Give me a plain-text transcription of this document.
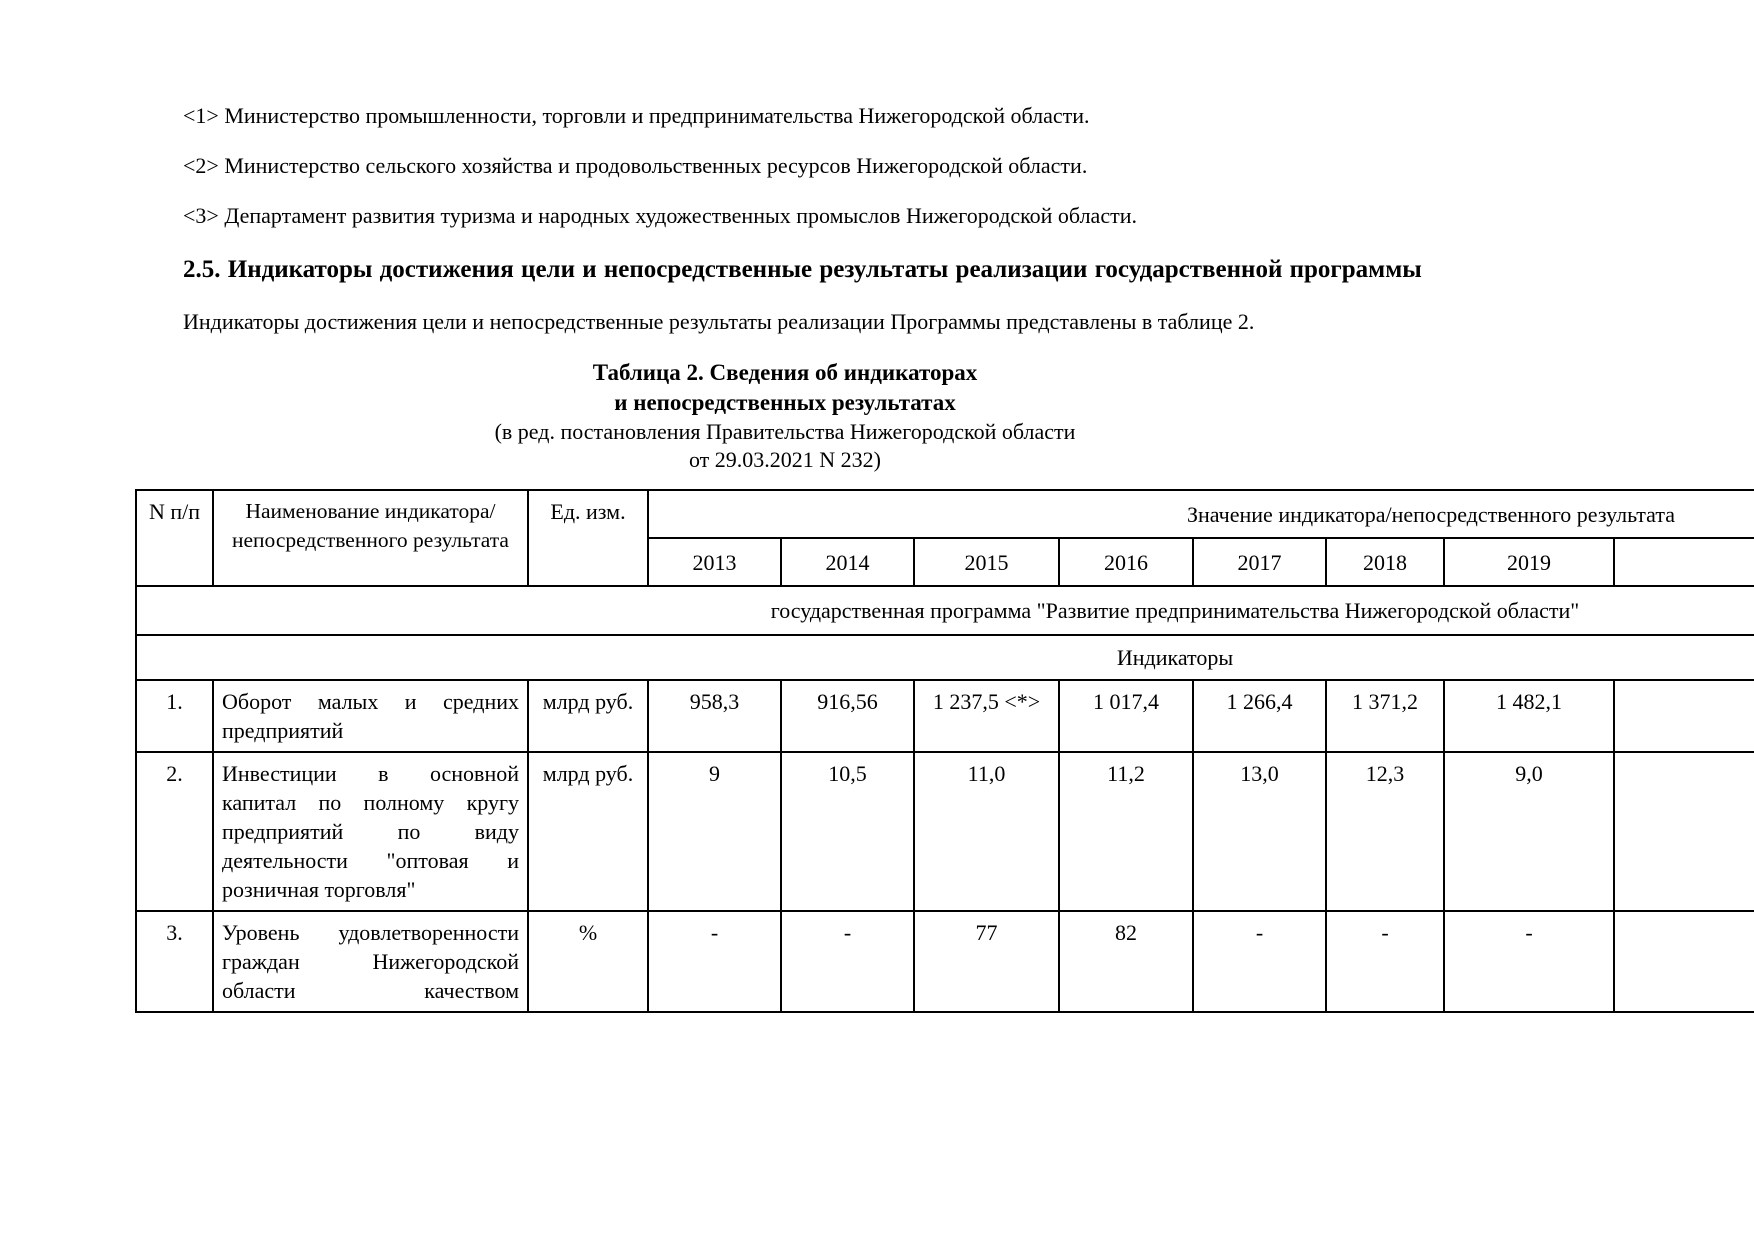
<1> Министерство промышленности, торговли и предпринимательства Нижегородской области.

<2> Министерство сельского хозяйства и продовольственных ресурсов Нижегородской области.

<3> Департамент развития туризма и народных художественных промыслов Нижегородской области.

2.5. Индикаторы достижения цели и непосредственные результаты реализации государственной программы

Индикаторы достижения цели и непосредственные результаты реализации Программы представлены в таблице 2.

Таблица 2. Сведения об индикаторах

и непосредственных результатах

(в ред. постановления Правительства Нижегородской области

от 29.03.2021 N 232)

N п/п	Наименование индикатора/непосредственного результата	Ед. изм.	Значение индикатора/непосредственного результата							
			2013	2014	2015	2016	2017	2018	2019	
государственная программа "Развитие предпринимательства Нижегородской области"										
Индикаторы										
1.	Оборот малых и средних предприятий	млрд руб.	958,3	916,56	1 237,5 <*>	1 017,4	1 266,4	1 371,2	1 482,1	
2.	Инвестиции в основной капитал по полному кругу предприятий по виду деятельности "оптовая и розничная торговля"	млрд руб.	9	10,5	11,0	11,2	13,0	12,3	9,0	
3.	Уровень удовлетворенности граждан Нижегородской области качеством	%	-	-	77	82	-	-	-	
